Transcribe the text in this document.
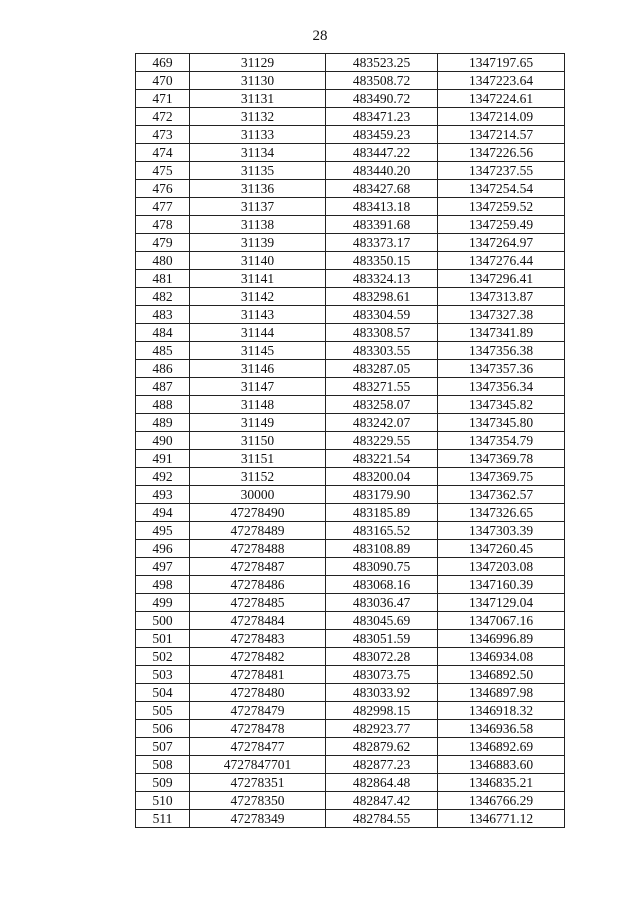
28
469	31129	483523.25	1347197.65
470	31130	483508.72	1347223.64
471	31131	483490.72	1347224.61
472	31132	483471.23	1347214.09
473	31133	483459.23	1347214.57
474	31134	483447.22	1347226.56
475	31135	483440.20	1347237.55
476	31136	483427.68	1347254.54
477	31137	483413.18	1347259.52
478	31138	483391.68	1347259.49
479	31139	483373.17	1347264.97
480	31140	483350.15	1347276.44
481	31141	483324.13	1347296.41
482	31142	483298.61	1347313.87
483	31143	483304.59	1347327.38
484	31144	483308.57	1347341.89
485	31145	483303.55	1347356.38
486	31146	483287.05	1347357.36
487	31147	483271.55	1347356.34
488	31148	483258.07	1347345.82
489	31149	483242.07	1347345.80
490	31150	483229.55	1347354.79
491	31151	483221.54	1347369.78
492	31152	483200.04	1347369.75
493	30000	483179.90	1347362.57
494	47278490	483185.89	1347326.65
495	47278489	483165.52	1347303.39
496	47278488	483108.89	1347260.45
497	47278487	483090.75	1347203.08
498	47278486	483068.16	1347160.39
499	47278485	483036.47	1347129.04
500	47278484	483045.69	1347067.16
501	47278483	483051.59	1346996.89
502	47278482	483072.28	1346934.08
503	47278481	483073.75	1346892.50
504	47278480	483033.92	1346897.98
505	47278479	482998.15	1346918.32
506	47278478	482923.77	1346936.58
507	47278477	482879.62	1346892.69
508	4727847701	482877.23	1346883.60
509	47278351	482864.48	1346835.21
510	47278350	482847.42	1346766.29
511	47278349	482784.55	1346771.12
